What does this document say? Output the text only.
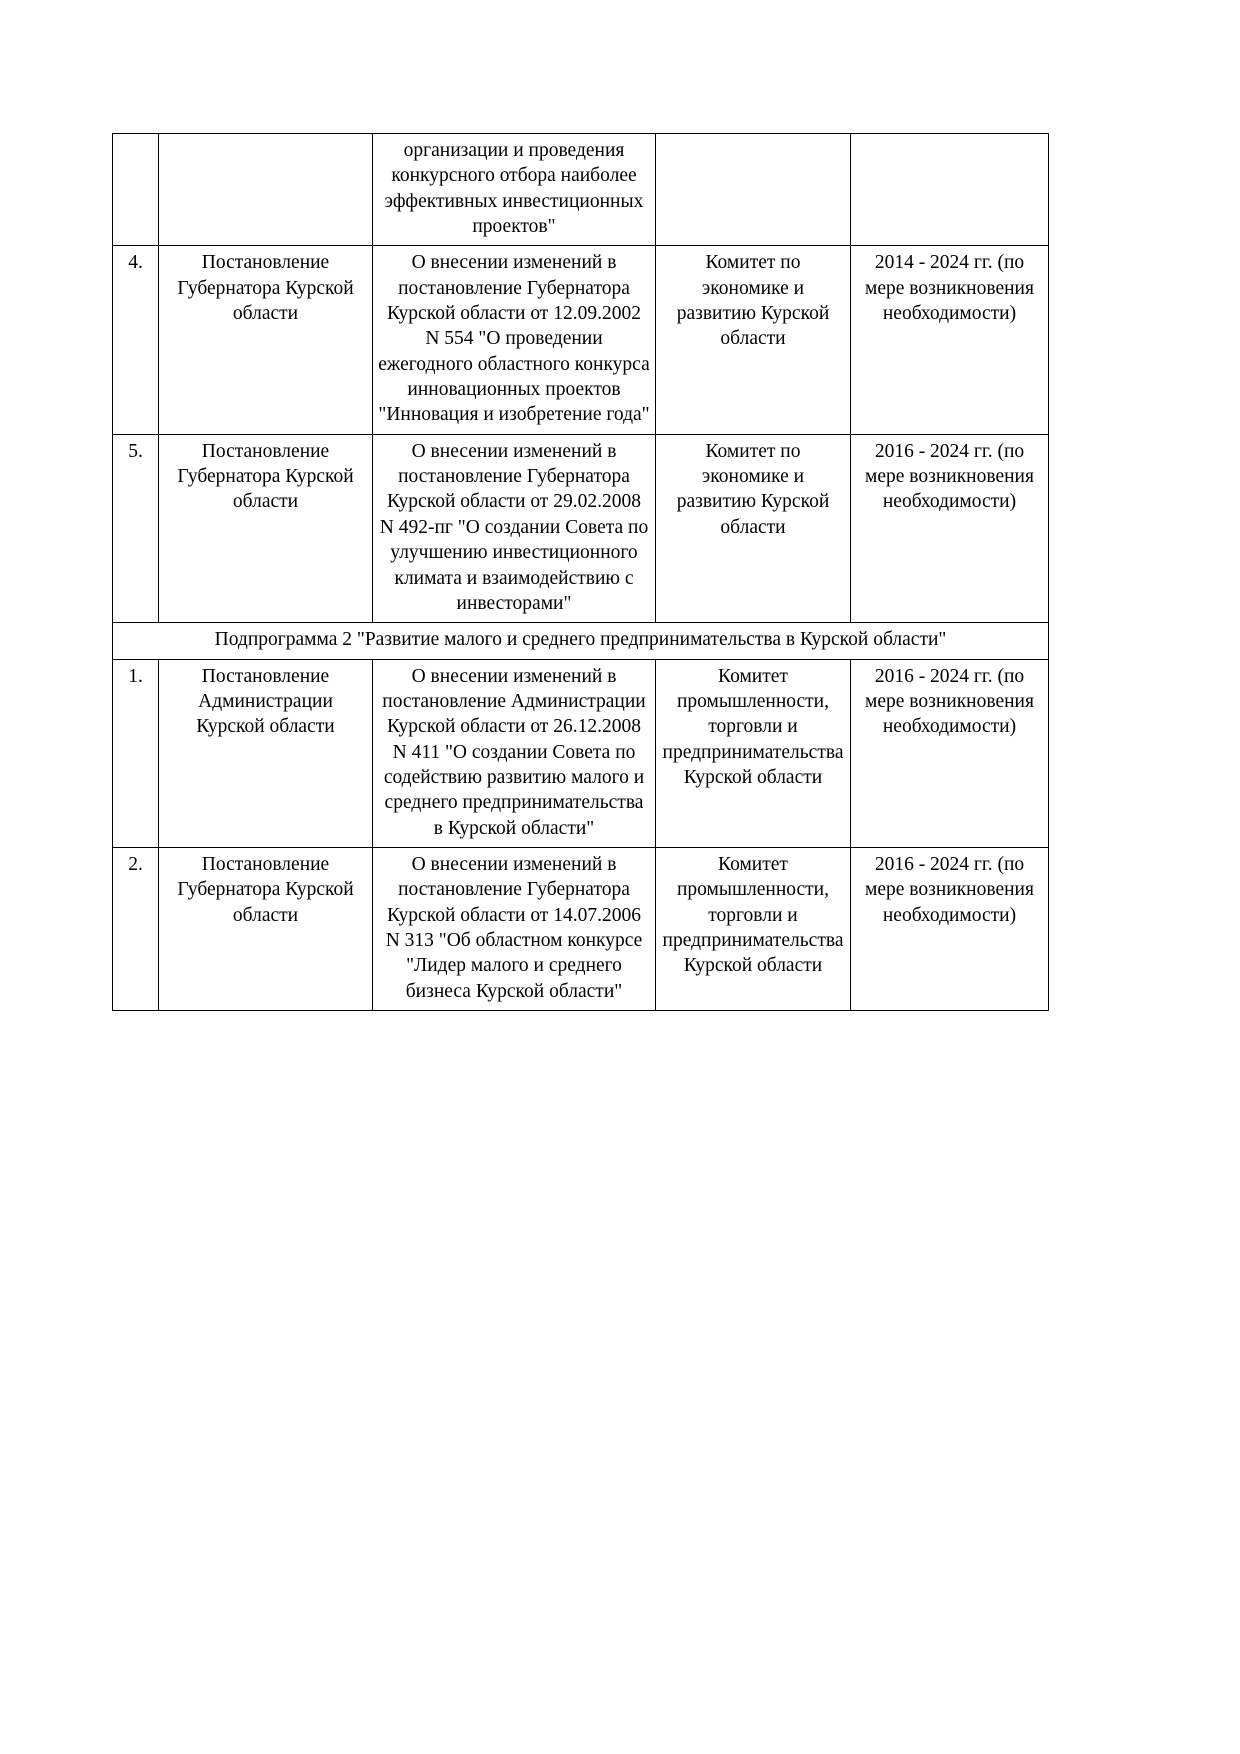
		организации и проведения конкурсного отбора наиболее эффективных инвестиционных проектов"		
4.	Постановление Губернатора Курской области	О внесении изменений в постановление Губернатора Курской области от 12.09.2002 N 554 "О проведении ежегодного областного конкурса инновационных проектов "Инновация и изобретение года"	Комитет по экономике и развитию Курской области	2014 - 2024 гг. (по мере возникновения необходимости)
5.	Постановление Губернатора Курской области	О внесении изменений в постановление Губернатора Курской области от 29.02.2008 N 492-пг "О создании Совета по улучшению инвестиционного климата и взаимодействию с инвесторами"	Комитет по экономике и развитию Курской области	2016 - 2024 гг. (по мере возникновения необходимости)
Подпрограмма 2 "Развитие малого и среднего предпринимательства в Курской области"				
1.	Постановление Администрации Курской области	О внесении изменений в постановление Администрации Курской области от 26.12.2008 N 411 "О создании Совета по содействию развитию малого и среднего предпринимательства в Курской области"	Комитет промышленности, торговли и предпринимательства Курской области	2016 - 2024 гг. (по мере возникновения необходимости)
2.	Постановление Губернатора Курской области	О внесении изменений в постановление Губернатора Курской области от 14.07.2006 N 313 "Об областном конкурсе "Лидер малого и среднего бизнеса Курской области"	Комитет промышленности, торговли и предпринимательства Курской области	2016 - 2024 гг. (по мере возникновения необходимости)
